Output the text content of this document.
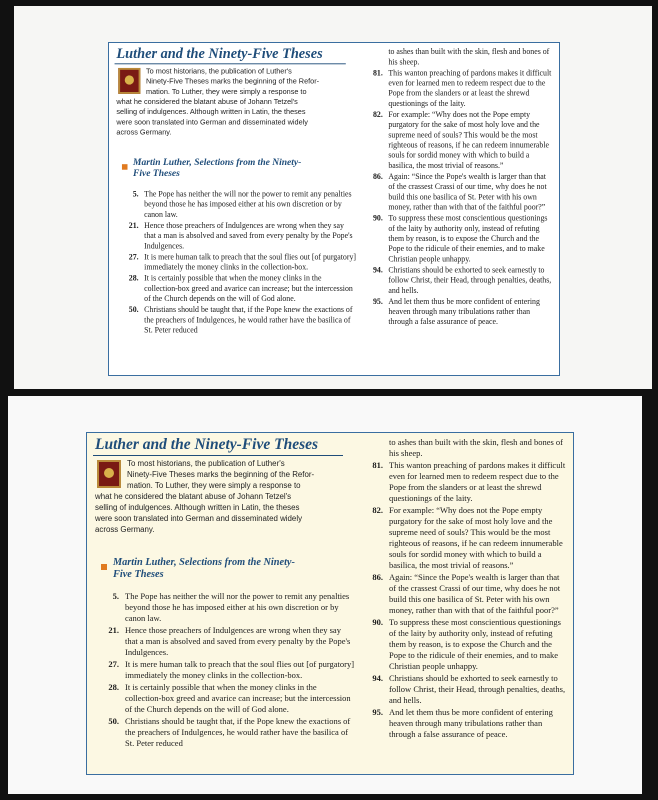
Luther and the Ninety-Five Theses
To most historians, the publication of Luther's
Ninety-Five Theses marks the beginning of the Refor-
mation. To Luther, they were simply a response to
what he considered the blatant abuse of Johann Tetzel's
selling of indulgences. Although written in Latin, the theses
were soon translated into German and disseminated widely
across Germany.
Martin Luther, Selections from the Ninety-Five Theses
5. The Pope has neither the will nor the power to remit any penalties beyond those he has imposed either at his own discretion or by canon law.
21. Hence those preachers of Indulgences are wrong when they say that a man is absolved and saved from every penalty by the Pope's Indulgences.
27. It is mere human talk to preach that the soul flies out [of purgatory] immediately the money clinks in the collection-box.
28. It is certainly possible that when the money clinks in the collection-box greed and avarice can increase; but the intercession of the Church depends on the will of God alone.
50. Christians should be taught that, if the Pope knew the exactions of the preachers of Indulgences, he would rather have the basilica of St. Peter reduced
to ashes than built with the skin, flesh and bones of his sheep.
81. This wanton preaching of pardons makes it difficult even for learned men to redeem respect due to the Pope from the slanders or at least the shrewd questionings of the laity.
82. For example: “Why does not the Pope empty purgatory for the sake of most holy love and the supreme need of souls? This would be the most righteous of reasons, if he can redeem innumerable souls for sordid money with which to build a basilica, the most trivial of reasons.”
86. Again: “Since the Pope's wealth is larger than that of the crassest Crassi of our time, why does he not build this one basilica of St. Peter with his own money, rather than with that of the faithful poor?”
90. To suppress these most conscientious questionings of the laity by authority only, instead of refuting them by reason, is to expose the Church and the Pope to the ridicule of their enemies, and to make Christian people unhappy.
94. Christians should be exhorted to seek earnestly to follow Christ, their Head, through penalties, deaths, and hells.
95. And let them thus be more confident of entering heaven through many tribulations rather than through a false assurance of peace.
Luther and the Ninety-Five Theses
To most historians, the publication of Luther's
Ninety-Five Theses marks the beginning of the Refor-
mation. To Luther, they were simply a response to
what he considered the blatant abuse of Johann Tetzel's
selling of indulgences. Although written in Latin, the theses
were soon translated into German and disseminated widely
across Germany.
Martin Luther, Selections from the Ninety-Five Theses
5. The Pope has neither the will nor the power to remit any penalties beyond those he has imposed either at his own discretion or by canon law.
21. Hence those preachers of Indulgences are wrong when they say that a man is absolved and saved from every penalty by the Pope's Indulgences.
27. It is mere human talk to preach that the soul flies out [of purgatory] immediately the money clinks in the collection-box.
28. It is certainly possible that when the money clinks in the collection-box greed and avarice can increase; but the intercession of the Church depends on the will of God alone.
50. Christians should be taught that, if the Pope knew the exactions of the preachers of Indulgences, he would rather have the basilica of St. Peter reduced
to ashes than built with the skin, flesh and bones of his sheep.
81. This wanton preaching of pardons makes it difficult even for learned men to redeem respect due to the Pope from the slanders or at least the shrewd questionings of the laity.
82. For example: “Why does not the Pope empty purgatory for the sake of most holy love and the supreme need of souls? This would be the most righteous of reasons, if he can redeem innumerable souls for sordid money with which to build a basilica, the most trivial of reasons.”
86. Again: “Since the Pope's wealth is larger than that of the crassest Crassi of our time, why does he not build this one basilica of St. Peter with his own money, rather than with that of the faithful poor?”
90. To suppress these most conscientious questionings of the laity by authority only, instead of refuting them by reason, is to expose the Church and the Pope to the ridicule of their enemies, and to make Christian people unhappy.
94. Christians should be exhorted to seek earnestly to follow Christ, their Head, through penalties, deaths, and hells.
95. And let them thus be more confident of entering heaven through many tribulations rather than through a false assurance of peace.
